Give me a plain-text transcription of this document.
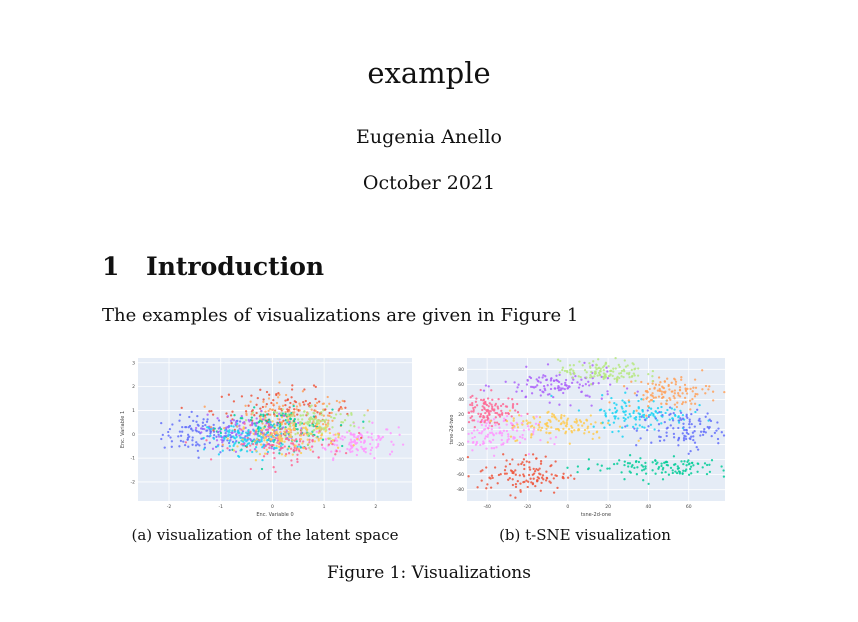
example
Eugenia Anello
October 2021
1 Introduction
The examples of visualizations are given in Figure 1
-2	-1	0	1	2
-2
-1
0
1
2
3
Enc. Variable 0
Enc. Variable 1
-40	-20	0	20	40	60
-80
-60
-40
-20
0
20
40
60
80
tsne-2d-one
tsne-2d-two
(a) visualization of the latent space	(b) t-SNE visualization
Figure 1: Visualizations
